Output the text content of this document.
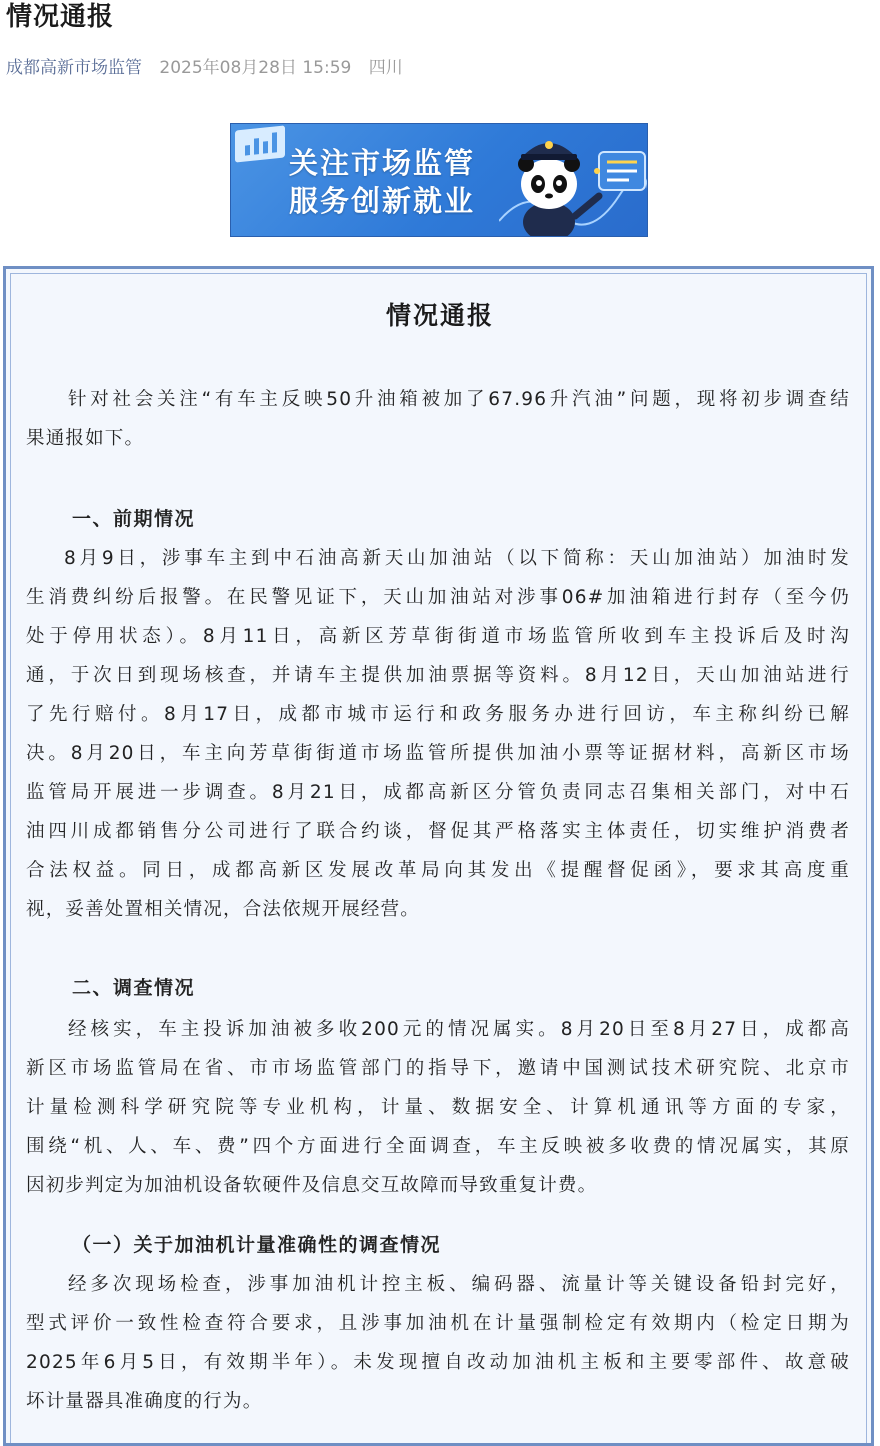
情况通报
成都高新市场监管 2025年08月28日 15:59 四川
关注市场监管
服务创新就业
情况通报
针对社会关注“有车主反映50升油箱被加了67.96升汽油”问题，现将初步调查结
果通报如下。
一、前期情况
8月9日，涉事车主到中石油高新天山加油站（以下简称：天山加油站）加油时发
生消费纠纷后报警。在民警见证下，天山加油站对涉事06#加油箱进行封存（至今仍
处于停用状态）。8月11日，高新区芳草街街道市场监管所收到车主投诉后及时沟
通，于次日到现场核查，并请车主提供加油票据等资料。8月12日，天山加油站进行
了先行赔付。8月17日，成都市城市运行和政务服务办进行回访，车主称纠纷已解
决。8月20日，车主向芳草街街道市场监管所提供加油小票等证据材料，高新区市场
监管局开展进一步调查。8月21日，成都高新区分管负责同志召集相关部门，对中石
油四川成都销售分公司进行了联合约谈，督促其严格落实主体责任，切实维护消费者
合法权益。同日，成都高新区发展改革局向其发出《提醒督促函》，要求其高度重
视，妥善处置相关情况，合法依规开展经营。
二、调查情况
经核实，车主投诉加油被多收200元的情况属实。8月20日至8月27日，成都高
新区市场监管局在省、市市场监管部门的指导下，邀请中国测试技术研究院、北京市
计量检测科学研究院等专业机构，计量、数据安全、计算机通讯等方面的专家，
围绕“机、人、车、费”四个方面进行全面调查，车主反映被多收费的情况属实，其原
因初步判定为加油机设备软硬件及信息交互故障而导致重复计费。
（一）关于加油机计量准确性的调查情况
经多次现场检查，涉事加油机计控主板、编码器、流量计等关键设备铅封完好，
型式评价一致性检查符合要求，且涉事加油机在计量强制检定有效期内（检定日期为
2025年6月5日，有效期半年）。未发现擅自改动加油机主板和主要零部件、故意破
坏计量器具准确度的行为。
